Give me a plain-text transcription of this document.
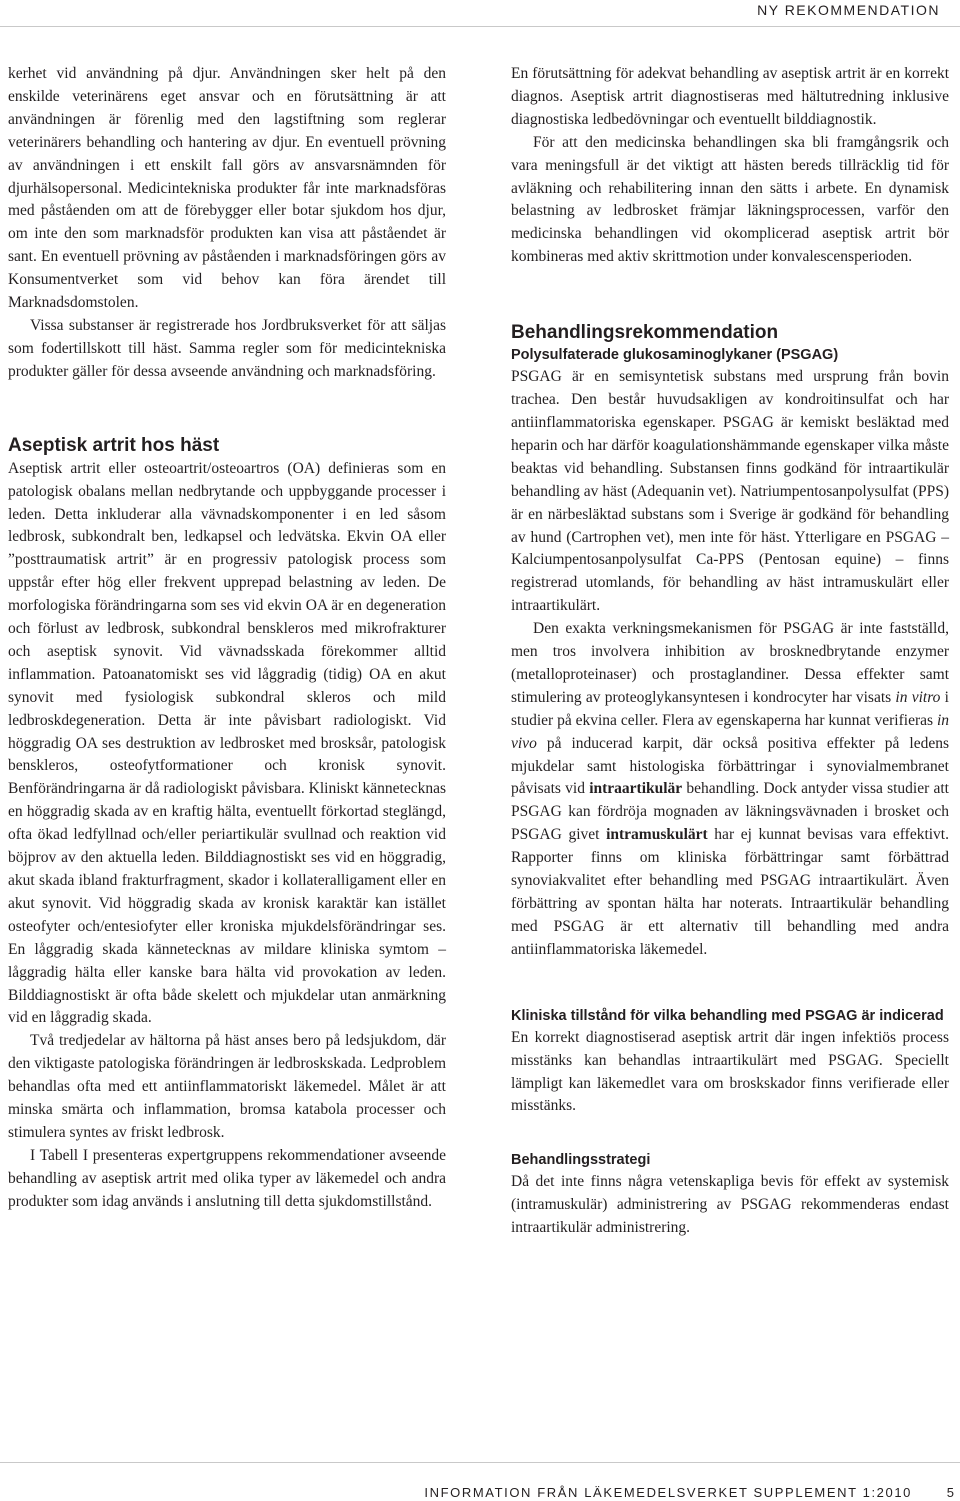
NY REKOMMENDATION

kerhet vid användning på djur. Användningen sker helt på den enskilde veterinärens eget ansvar och en förutsättning är att användningen är förenlig med den lagstiftning som reglerar veterinärers behandling och hantering av djur. En eventuell prövning av användningen i ett enskilt fall görs av ansvarsnämnden för djurhälsopersonal. Medicintekniska produkter får inte marknadsföras med påståenden om att de förebygger eller botar sjukdom hos djur, om inte den som marknadsför produkten kan visa att påståendet är sant. En eventuell prövning av påståenden i marknadsföringen görs av Konsumentverket som vid behov kan föra ärendet till Marknadsdomstolen.

Vissa substanser är registrerade hos Jordbruksverket för att säljas som fodertillskott till häst. Samma regler som för medicintekniska produkter gäller för dessa avseende användning och marknadsföring.

Aseptisk artrit hos häst

Aseptisk artrit eller osteoartrit/osteoartros (OA) definieras som en patologisk obalans mellan nedbrytande och uppbyggande processer i leden. Detta inkluderar alla vävnadskomponenter i en led såsom ledbrosk, subkondralt ben, ledkapsel och ledvätska. Ekvin OA eller ”posttraumatisk artrit” är en progressiv patologisk process som uppstår efter hög eller frekvent upprepad belastning av leden. De morfologiska förändringarna som ses vid ekvin OA är en degeneration och förlust av ledbrosk, subkondral benskleros med mikrofrakturer och aseptisk synovit. Vid vävnadsskada förekommer alltid inflammation. Patoanatomiskt ses vid låggradig (tidig) OA en akut synovit med fysiologisk subkondral skleros och mild ledbroskdegeneration. Detta är inte påvisbart radiologiskt. Vid höggradig OA ses destruktion av ledbrosket med brosksår, patologisk benskleros, osteofytformationer och kronisk synovit. Benförändringarna är då radiologiskt påvisbara. Kliniskt kännetecknas en höggradig skada av en kraftig hälta, eventuellt förkortad steglängd, ofta ökad ledfyllnad och/eller periartikulär svullnad och reaktion vid böjprov av den aktuella leden. Bilddiagnostiskt ses vid en höggradig, akut skada ibland frakturfragment, skador i kollateralligament eller en akut synovit. Vid höggradig skada av kronisk karaktär kan istället osteofyter och/entesiofyter eller kroniska mjukdelsförändringar ses. En låggradig skada kännetecknas av mildare kliniska symtom – låggradig hälta eller kanske bara hälta vid provokation av leden. Bilddiagnostiskt är ofta både skelett och mjukdelar utan anmärkning vid en låggradig skada.

Två tredjedelar av hältorna på häst anses bero på ledsjukdom, där den viktigaste patologiska förändringen är ledbroskskada. Ledproblem behandlas ofta med ett antiinflammatoriskt läkemedel. Målet är att minska smärta och inflammation, bromsa katabola processer och stimulera syntes av friskt ledbrosk.

I Tabell I presenteras expertgruppens rekommendationer avseende behandling av aseptisk artrit med olika typer av läkemedel och andra produkter som idag används i anslutning till detta sjukdomstillstånd.

En förutsättning för adekvat behandling av aseptisk artrit är en korrekt diagnos. Aseptisk artrit diagnostiseras med hältutredning inklusive diagnostiska ledbedövningar och eventuellt bilddiagnostik.

För att den medicinska behandlingen ska bli framgångsrik och vara meningsfull är det viktigt att hästen bereds tillräcklig tid för avläkning och rehabilitering innan den sätts i arbete. En dynamisk belastning av ledbrosket främjar läkningsprocessen, varför den medicinska behandlingen vid okomplicerad aseptisk artrit bör kombineras med aktiv skrittmotion under konvalescensperioden.

Behandlingsrekommendation
Polysulfaterade glukosaminoglykaner (PSGAG)

PSGAG är en semisyntetisk substans med ursprung från bovin trachea. Den består huvudsakligen av kondroitinsulfat och har antiinflammatoriska egenskaper. PSGAG är kemiskt besläktad med heparin och har därför koagulationshämmande egenskaper vilka måste beaktas vid behandling. Substansen finns godkänd för intraartikulär behandling av häst (Adequanin vet). Natriumpentosanpolysulfat (PPS) är en närbesläktad substans som i Sverige är godkänd för behandling av hund (Cartrophen vet), men inte för häst. Ytterligare en PSGAG – Kalciumpentosanpolysulfat Ca-PPS (Pentosan equine) – finns registrerad utomlands, för behandling av häst intramuskulärt eller intraartikulärt.

Den exakta verkningsmekanismen för PSGAG är inte fastställd, men tros involvera inhibition av brosknedbrytande enzymer (metalloproteinaser) och prostaglandiner. Dessa effekter samt stimulering av proteoglykansyntesen i kondrocyter har visats in vitro i studier på ekvina celler. Flera av egenskaperna har kunnat verifieras in vivo på inducerad karpit, där också positiva effekter på ledens mjukdelar samt histologiska förbättringar i synovialmembranet påvisats vid intraartikulär behandling. Dock antyder vissa studier att PSGAG kan fördröja mognaden av läkningsvävnaden i brosket och PSGAG givet intramuskulärt har ej kunnat bevisas vara effektivt. Rapporter finns om kliniska förbättringar samt förbättrad synoviakvalitet efter behandling med PSGAG intraartikulärt. Även förbättring av spontan hälta har noterats. Intraartikulär behandling med PSGAG är ett alternativ till behandling med andra antiinflammatoriska läkemedel.

Kliniska tillstånd för vilka behandling med PSGAG är indicerad

En korrekt diagnostiserad aseptisk artrit där ingen infektiös process misstänks kan behandlas intraartikulärt med PSGAG. Speciellt lämpligt kan läkemedlet vara om broskskador finns verifierade eller misstänks.

Behandlingsstrategi

Då det inte finns några vetenskapliga bevis för effekt av systemisk (intramuskulär) administrering av PSGAG rekommenderas endast intraartikulär administrering.

INFORMATION FRÅN LÄKEMEDELSVERKET SUPPLEMENT 1:2010	5
